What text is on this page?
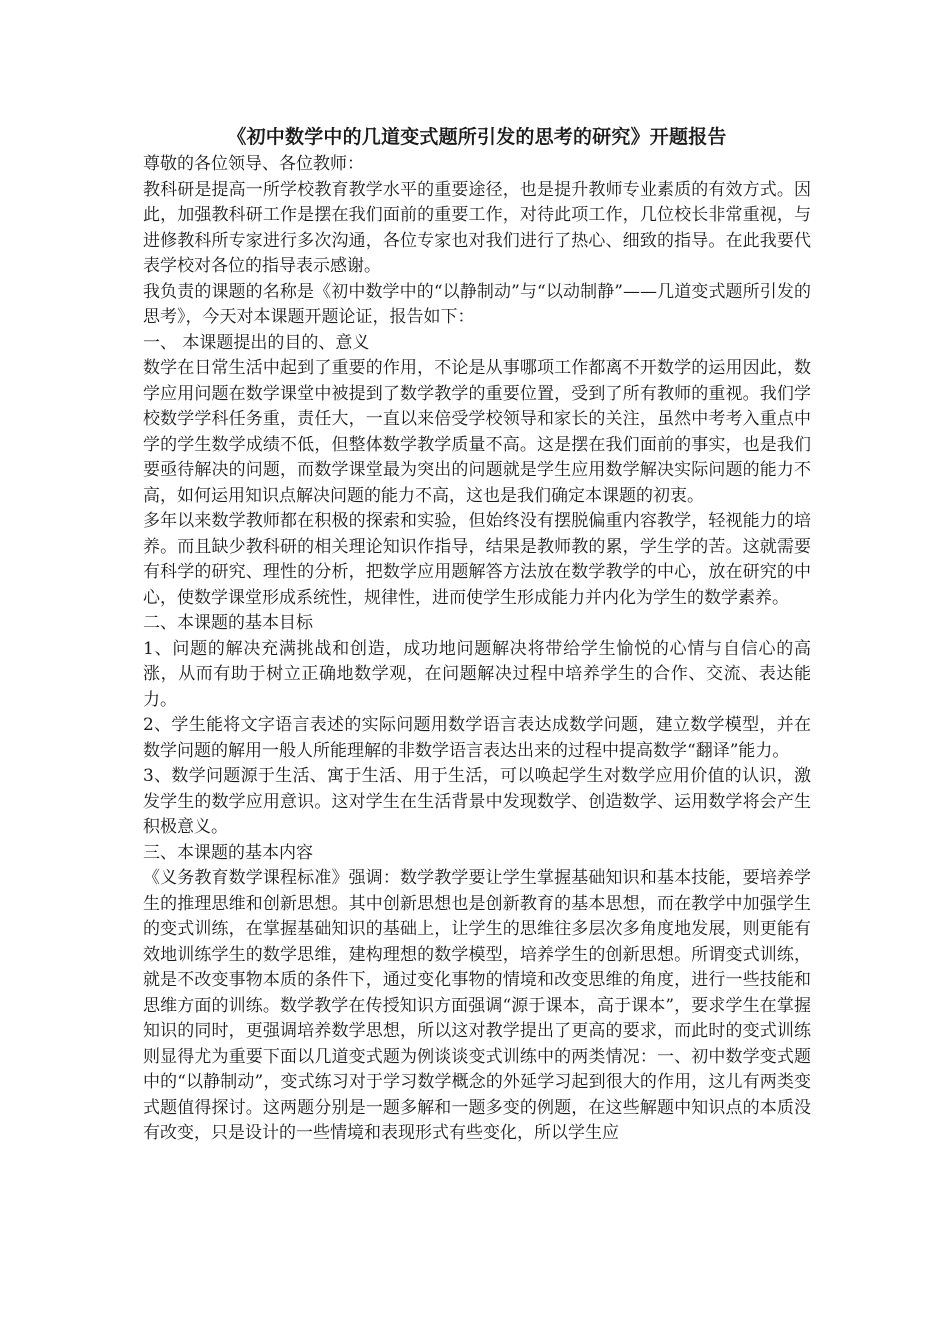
《初中数学中的几道变式题所引发的思考的研究》开题报告

尊敬的各位领导、各位教师：

教科研是提高一所学校教育教学水平的重要途径，也是提升教师专业素质的有效方式。因此，加强教科研工作是摆在我们面前的重要工作，对待此项工作，几位校长非常重视，与进修教科所专家进行多次沟通，各位专家也对我们进行了热心、细致的指导。在此我要代表学校对各位的指导表示感谢。

我负责的课题的名称是《初中数学中的“以静制动”与“以动制静”——几道变式题所引发的思考》，今天对本课题开题论证，报告如下：

一、 本课题提出的目的、意义

数学在日常生活中起到了重要的作用，不论是从事哪项工作都离不开数学的运用因此，数学应用问题在数学课堂中被提到了数学教学的重要位置，受到了所有教师的重视。我们学校数学学科任务重，责任大，一直以来倍受学校领导和家长的关注，虽然中考考入重点中学的学生数学成绩不低，但整体数学教学质量不高。这是摆在我们面前的事实，也是我们要亟待解决的问题，而数学课堂最为突出的问题就是学生应用数学解决实际问题的能力不高，如何运用知识点解决问题的能力不高，这也是我们确定本课题的初衷。

多年以来数学教师都在积极的探索和实验，但始终没有摆脱偏重内容教学，轻视能力的培养。而且缺少教科研的相关理论知识作指导，结果是教师教的累，学生学的苦。这就需要有科学的研究、理性的分析，把数学应用题解答方法放在数学教学的中心，放在研究的中心，使数学课堂形成系统性，规律性，进而使学生形成能力并内化为学生的数学素养。

二、本课题的基本目标

1、问题的解决充满挑战和创造，成功地问题解决将带给学生愉悦的心情与自信心的高涨，从而有助于树立正确地数学观，在问题解决过程中培养学生的合作、交流、表达能力。

2、学生能将文字语言表述的实际问题用数学语言表达成数学问题，建立数学模型，并在数学问题的解用一般人所能理解的非数学语言表达出来的过程中提高数学“翻译”能力。

3、数学问题源于生活、寓于生活、用于生活，可以唤起学生对数学应用价值的认识，激发学生的数学应用意识。这对学生在生活背景中发现数学、创造数学、运用数学将会产生积极意义。

三、本课题的基本内容

《义务教育数学课程标准》强调：数学教学要让学生掌握基础知识和基本技能，要培养学生的推理思维和创新思想。其中创新思想也是创新教育的基本思想，而在教学中加强学生的变式训练，在掌握基础知识的基础上，让学生的思维往多层次多角度地发展，则更能有效地训练学生的数学思维，建构理想的数学模型，培养学生的创新思想。所谓变式训练，就是不改变事物本质的条件下，通过变化事物的情境和改变思维的角度，进行一些技能和思维方面的训练。数学教学在传授知识方面强调“源于课本，高于课本”，要求学生在掌握知识的同时，更强调培养数学思想，所以这对教学提出了更高的要求，而此时的变式训练则显得尤为重要下面以几道变式题为例谈谈变式训练中的两类情况：一、初中数学变式题中的“以静制动”，变式练习对于学习数学概念的外延学习起到很大的作用，这儿有两类变式题值得探讨。这两题分别是一题多解和一题多变的例题，在这些解题中知识点的本质没有改变，只是设计的一些情境和表现形式有些变化，所以学生应
